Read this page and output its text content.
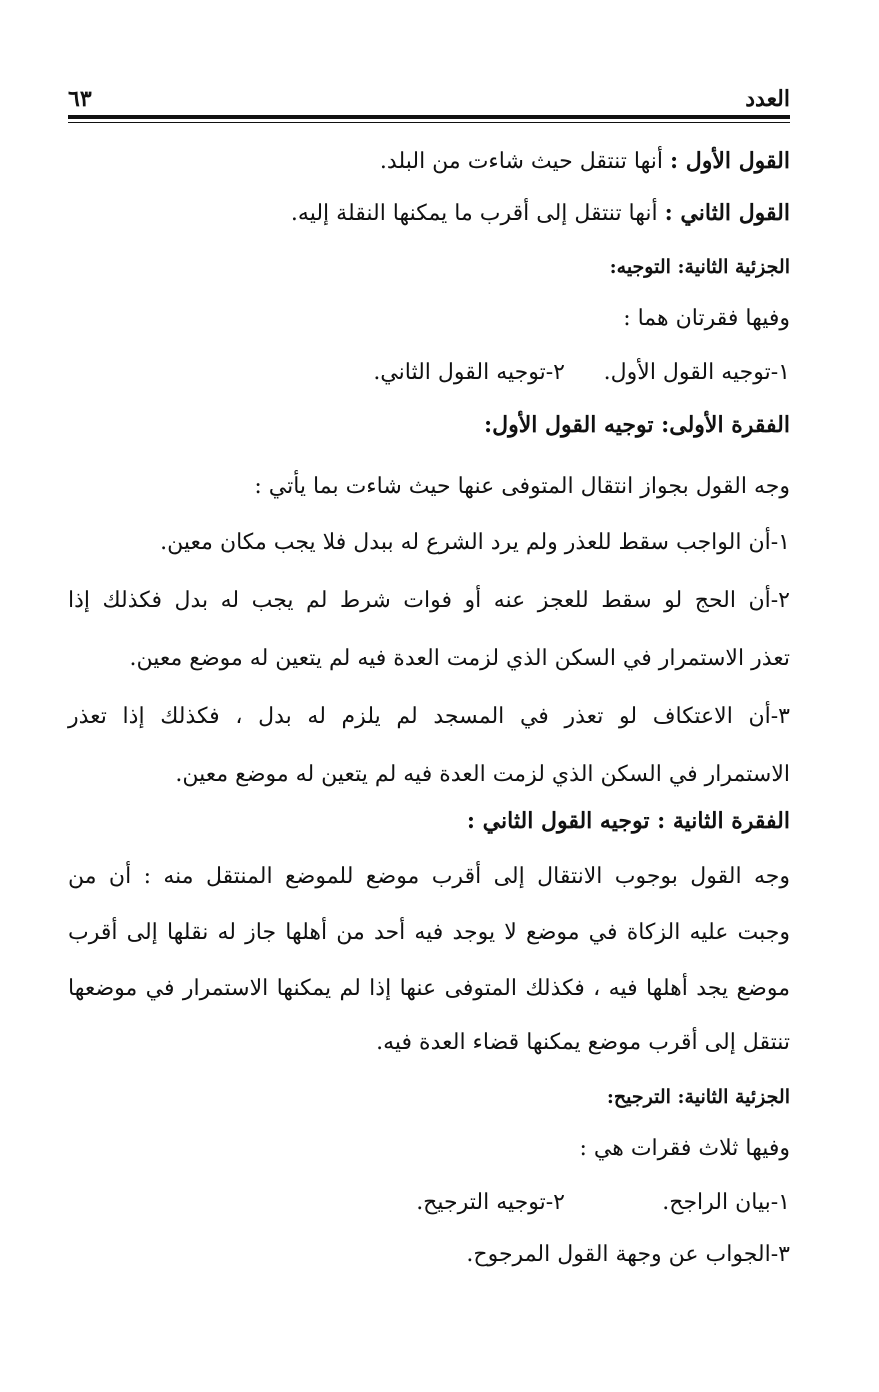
العدد
٦٣
القول الأول : أنها تنتقل حيث شاءت من البلد.
القول الثاني : أنها تنتقل إلى أقرب ما يمكنها النقلة إليه.
الجزئية الثانية: التوجيه:
وفيها فقرتان هما :
١-توجيه القول الأول.
٢-توجيه القول الثاني.
الفقرة الأولى: توجيه القول الأول:
وجه القول بجواز انتقال المتوفى عنها حيث شاءت بما يأتي :
١-أن الواجب سقط للعذر ولم يرد الشرع له ببدل فلا يجب مكان معين.
٢-أن الحج لو سقط للعجز عنه أو فوات شرط لم يجب له بدل فكذلك إذا
تعذر الاستمرار في السكن الذي لزمت العدة فيه لم يتعين له موضع معين.
٣-أن الاعتكاف لو تعذر في المسجد لم يلزم له بدل ، فكذلك إذا تعذر
الاستمرار في السكن الذي لزمت العدة فيه لم يتعين له موضع معين.
الفقرة الثانية : توجيه القول الثاني :
وجه القول بوجوب الانتقال إلى أقرب موضع للموضع المنتقل منه : أن من
وجبت عليه الزكاة في موضع لا يوجد فيه أحد من أهلها جاز له نقلها إلى أقرب
موضع يجد أهلها فيه ، فكذلك المتوفى عنها إذا لم يمكنها الاستمرار في موضعها
تنتقل إلى أقرب موضع يمكنها قضاء العدة فيه.
الجزئية الثانية: الترجيح:
وفيها ثلاث فقرات هي :
١-بيان الراجح.
٢-توجيه الترجيح.
٣-الجواب عن وجهة القول المرجوح.
